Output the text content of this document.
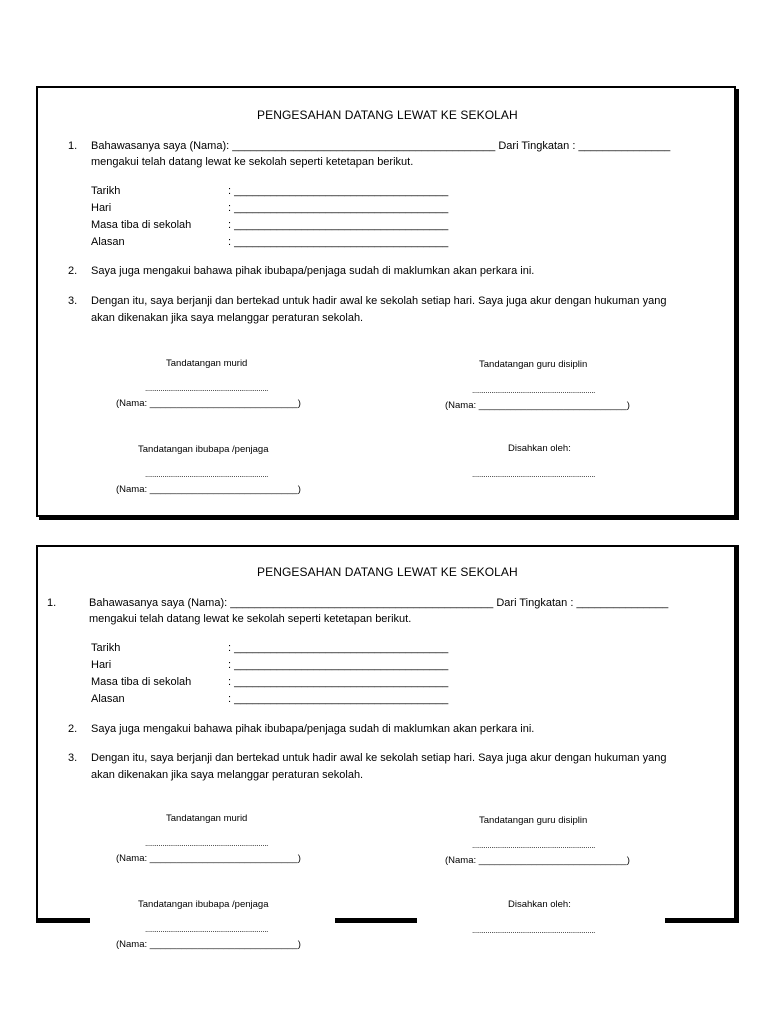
PENGESAHAN DATANG LEWAT KE SEKOLAH
1. Bahawasanya saya (Nama): ___________________________________________ Dari Tingkatan : _______________
mengakui telah datang lewat ke sekolah seperti ketetapan berikut.
Tarikh	: ___________________________________
Hari	: ___________________________________
Masa tiba di sekolah	: ___________________________________
Alasan	: ___________________________________
2. Saya juga mengakui bahawa pihak ibubapa/penjaga sudah di maklumkan akan perkara ini.
3. Dengan itu, saya berjanji dan bertekad untuk hadir awal ke sekolah setiap hari. Saya juga akur dengan hukuman yang
akan dikenakan jika saya melanggar peraturan sekolah.
Tandatangan murid	Tandatangan guru disiplin
................................................................	................................................................
(Nama: ____________________________)	(Nama: ____________________________)
Tandatangan ibubapa /penjaga	Disahkan oleh:
................................................................	................................................................
(Nama: ____________________________)
PENGESAHAN DATANG LEWAT KE SEKOLAH
1.	Bahawasanya saya (Nama): ___________________________________________ Dari Tingkatan : _______________
mengakui telah datang lewat ke sekolah seperti ketetapan berikut.
Tarikh	: ___________________________________
Hari	: ___________________________________
Masa tiba di sekolah	: ___________________________________
Alasan	: ___________________________________
2. Saya juga mengakui bahawa pihak ibubapa/penjaga sudah di maklumkan akan perkara ini.
3. Dengan itu, saya berjanji dan bertekad untuk hadir awal ke sekolah setiap hari. Saya juga akur dengan hukuman yang
akan dikenakan jika saya melanggar peraturan sekolah.
Tandatangan murid	Tandatangan guru disiplin
................................................................	................................................................
(Nama: ____________________________)	(Nama: ____________________________)
Tandatangan ibubapa /penjaga	Disahkan oleh:
................................................................	................................................................
(Nama: ____________________________)
